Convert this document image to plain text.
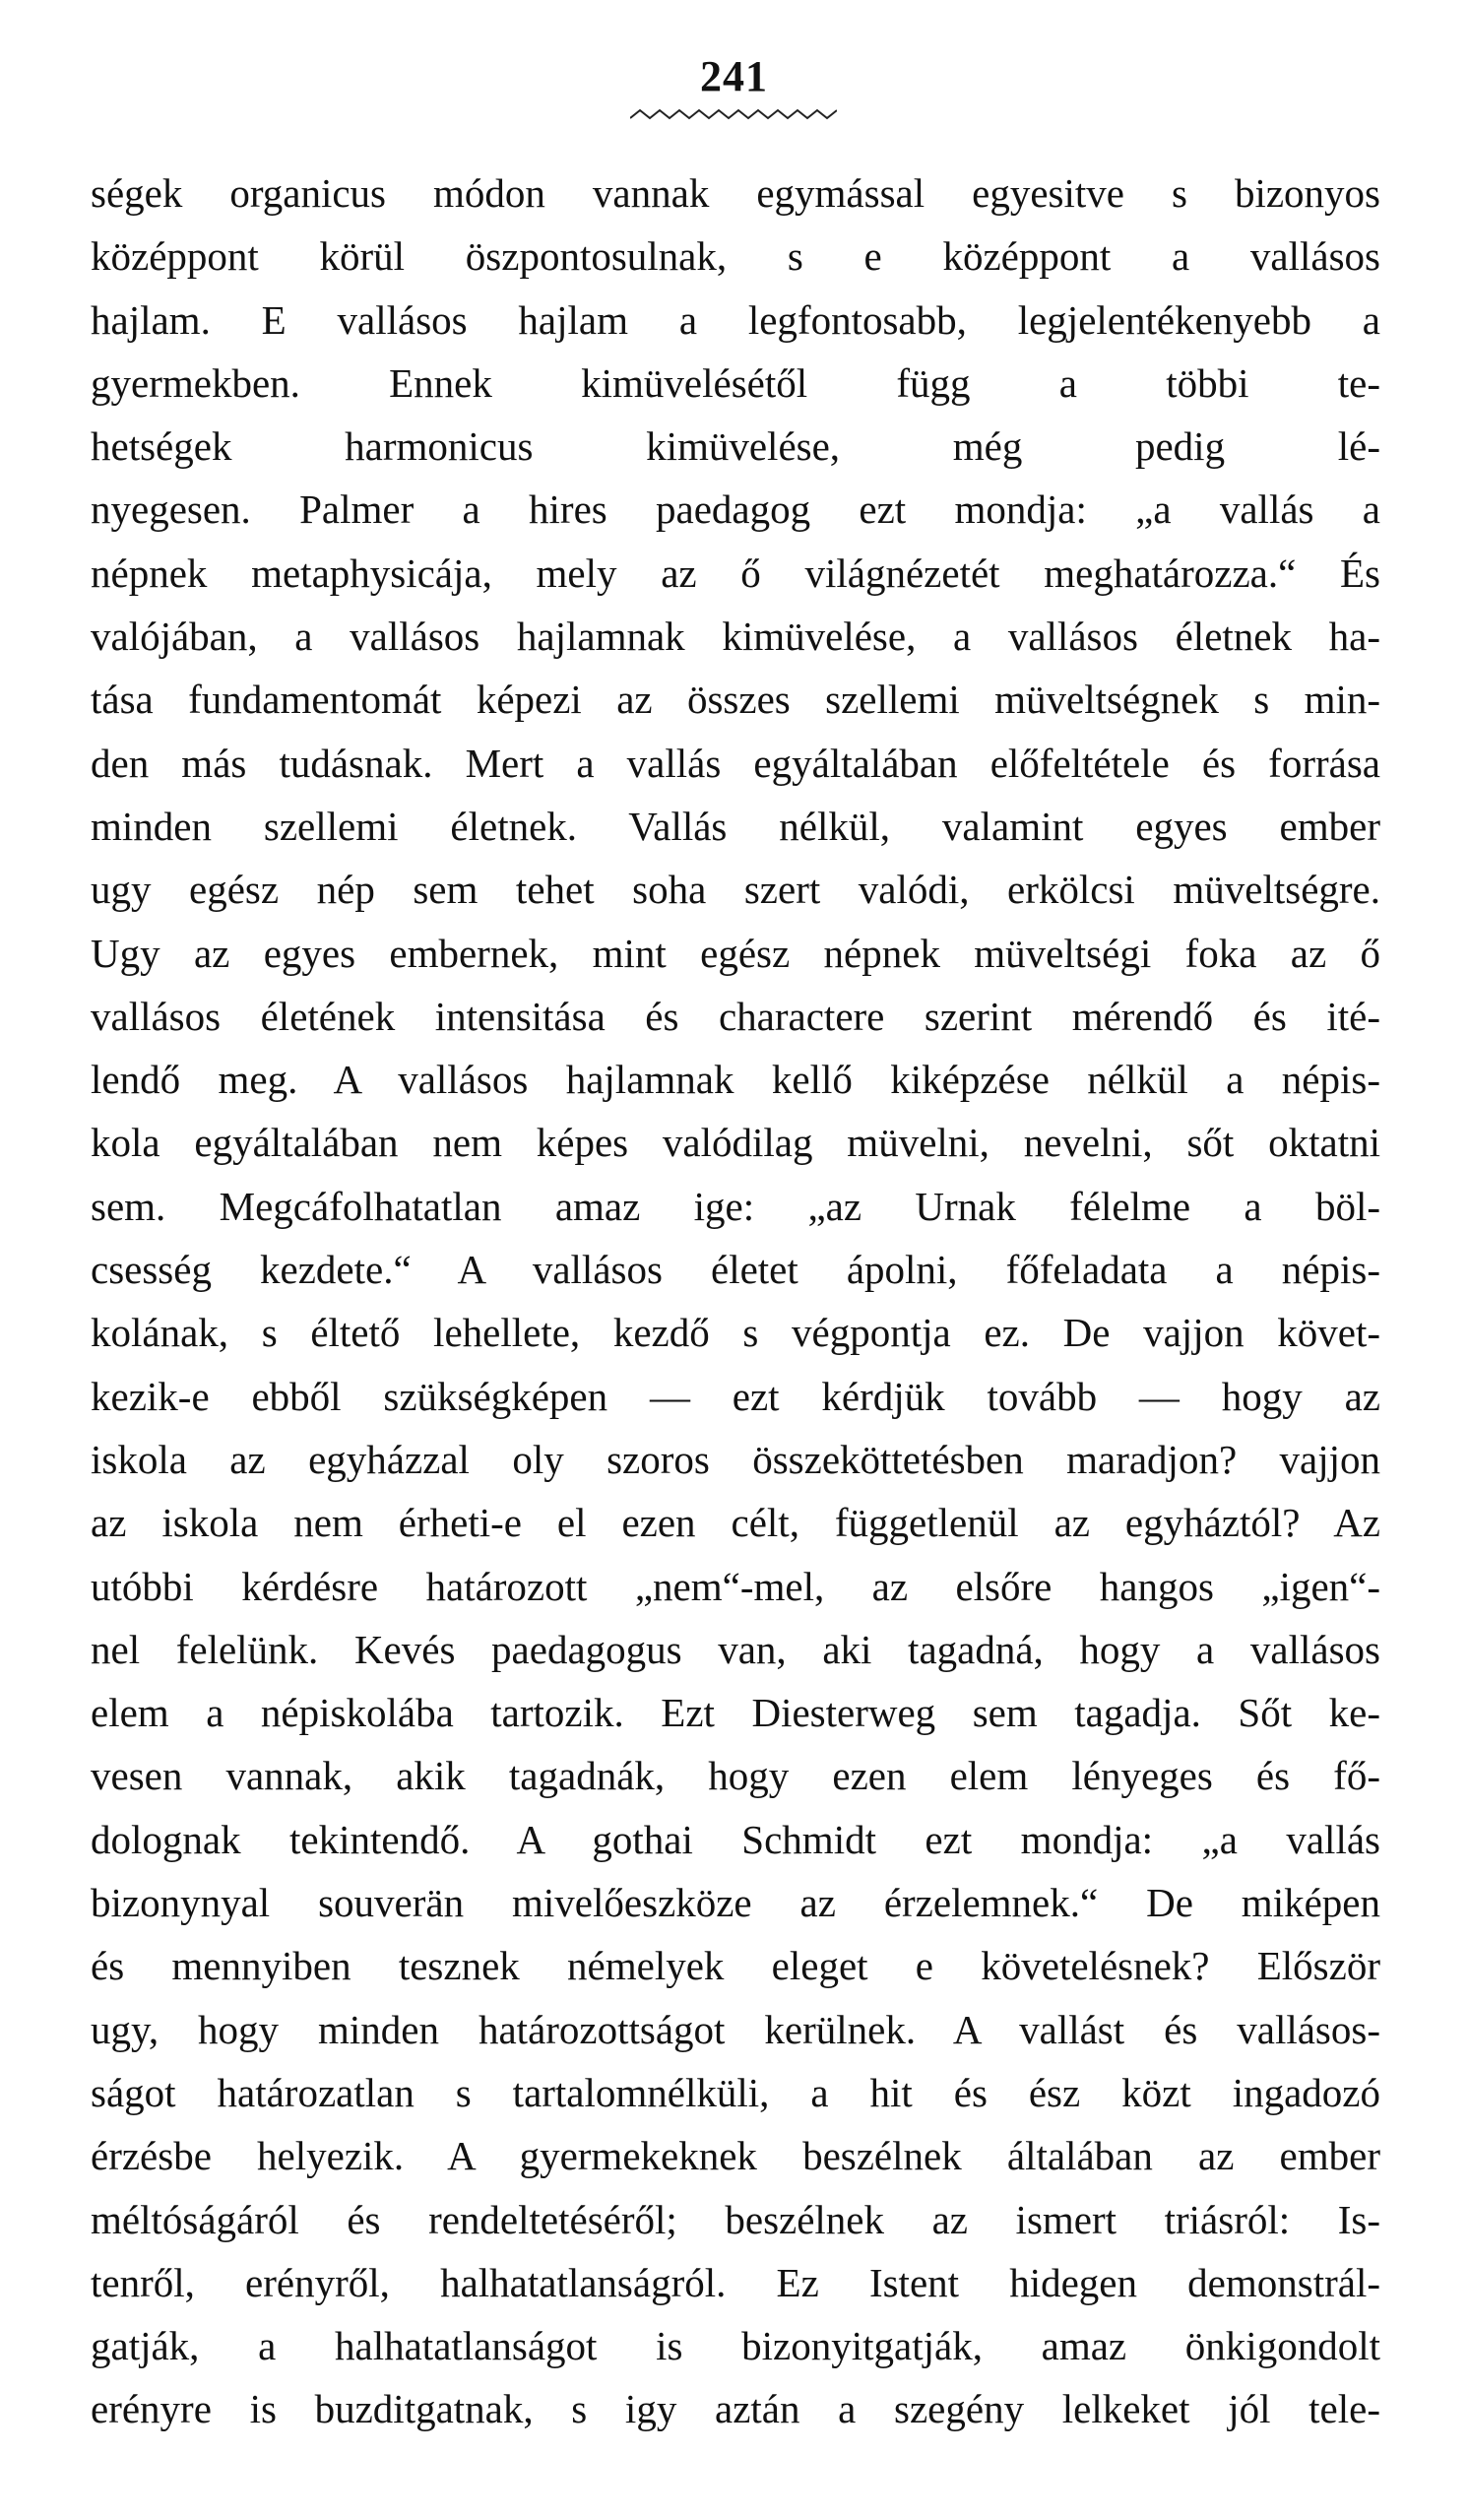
241
ségek organicus módon vannak egymással egyesitve s bizonyos
középpont körül öszpontosulnak, s e középpont a vallásos
hajlam. E vallásos hajlam a legfontosabb, legjelentékenyebb a
gyermekben. Ennek kimüvelésétől függ a többi te-
hetségek harmonicus kimüvelése, még pedig lé-
nyegesen. Palmer a hires paedagog ezt mondja: „a vallás a
népnek metaphysicája, mely az ő világnézetét meghatározza.“ És
valójában, a vallásos hajlamnak kimüvelése, a vallásos életnek ha-
tása fundamentomát képezi az összes szellemi müveltségnek s min-
den más tudásnak. Mert a vallás egyáltalában előfeltétele és forrása
minden szellemi életnek. Vallás nélkül, valamint egyes ember
ugy egész nép sem tehet soha szert valódi, erkölcsi müveltségre.
Ugy az egyes embernek, mint egész népnek müveltségi foka az ő
vallásos életének intensitása és charactere szerint mérendő és ité-
lendő meg. A vallásos hajlamnak kellő kiképzése nélkül a népis-
kola egyáltalában nem képes valódilag müvelni, nevelni, sőt oktatni
sem. Megcáfolhatatlan amaz ige: „az Urnak félelme a böl-
csesség kezdete.“ A vallásos életet ápolni, főfeladata a népis-
kolának, s éltető lehellete, kezdő s végpontja ez. De vajjon követ-
kezik-e ebből szükségképen — ezt kérdjük tovább — hogy az
iskola az egyházzal oly szoros összeköttetésben maradjon? vajjon
az iskola nem érheti-e el ezen célt, függetlenül az egyháztól? Az
utóbbi kérdésre határozott „nem“-mel, az elsőre hangos „igen“-
nel felelünk. Kevés paedagogus van, aki tagadná, hogy a vallásos
elem a népiskolába tartozik. Ezt Diesterweg sem tagadja. Sőt ke-
vesen vannak, akik tagadnák, hogy ezen elem lényeges és fő-
dolognak tekintendő. A gothai Schmidt ezt mondja: „a vallás
bizonynyal souverän mivelőeszköze az érzelemnek.“ De miképen
és mennyiben tesznek némelyek eleget e követelésnek? Először
ugy, hogy minden határozottságot kerülnek. A vallást és vallásos-
ságot határozatlan s tartalomnélküli, a hit és ész közt ingadozó
érzésbe helyezik. A gyermekeknek beszélnek általában az ember
méltóságáról és rendeltetéséről; beszélnek az ismert triásról: Is-
tenről, erényről, halhatatlanságról. Ez Istent hidegen demonstrál-
gatják, a halhatatlanságot is bizonyitgatják, amaz önkigondolt
erényre is buzditgatnak, s igy aztán a szegény lelkeket jól tele-
